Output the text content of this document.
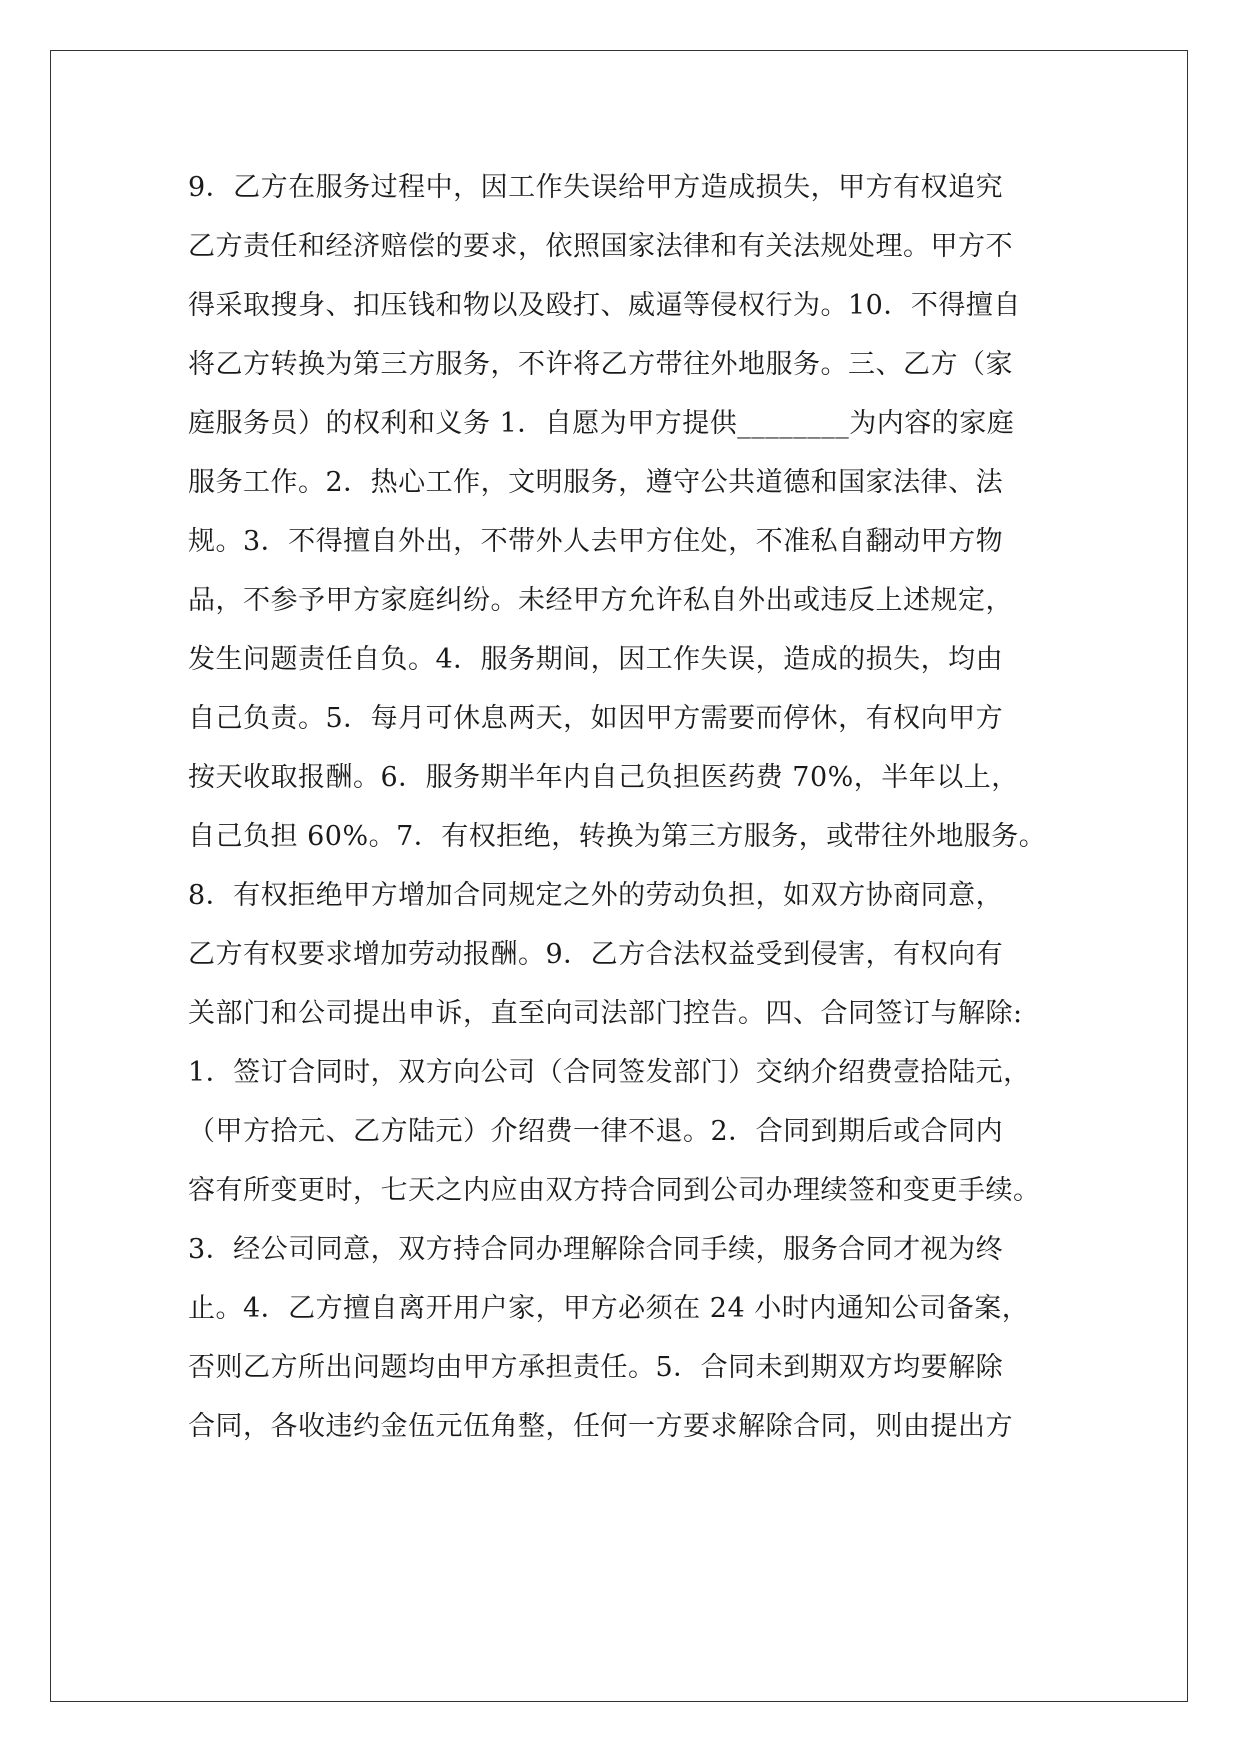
9．乙方在服务过程中，因工作失误给甲方造成损失，甲方有权追究
乙方责任和经济赔偿的要求，依照国家法律和有关法规处理。甲方不
得采取搜身、扣压钱和物以及殴打、威逼等侵权行为。10．不得擅自
将乙方转换为第三方服务，不许将乙方带往外地服务。三、乙方（家
庭服务员）的权利和义务 1．自愿为甲方提供________为内容的家庭
服务工作。2．热心工作，文明服务，遵守公共道德和国家法律、法
规。3．不得擅自外出，不带外人去甲方住处，不准私自翻动甲方物
品，不参予甲方家庭纠纷。未经甲方允许私自外出或违反上述规定，
发生问题责任自负。4．服务期间，因工作失误，造成的损失，均由
自己负责。5．每月可休息两天，如因甲方需要而停休，有权向甲方
按天收取报酬。6．服务期半年内自己负担医药费 70%，半年以上，
自己负担 60%。7．有权拒绝，转换为第三方服务，或带往外地服务。
8．有权拒绝甲方增加合同规定之外的劳动负担，如双方协商同意，
乙方有权要求增加劳动报酬。9．乙方合法权益受到侵害，有权向有
关部门和公司提出申诉，直至向司法部门控告。四、合同签订与解除:
1．签订合同时，双方向公司（合同签发部门）交纳介绍费壹拾陆元，
（甲方拾元、乙方陆元）介绍费一律不退。2．合同到期后或合同内
容有所变更时，七天之内应由双方持合同到公司办理续签和变更手续。
3．经公司同意，双方持合同办理解除合同手续，服务合同才视为终
止。4．乙方擅自离开用户家，甲方必须在 24 小时内通知公司备案，
否则乙方所出问题均由甲方承担责任。5．合同未到期双方均要解除
合同，各收违约金伍元伍角整，任何一方要求解除合同，则由提出方
